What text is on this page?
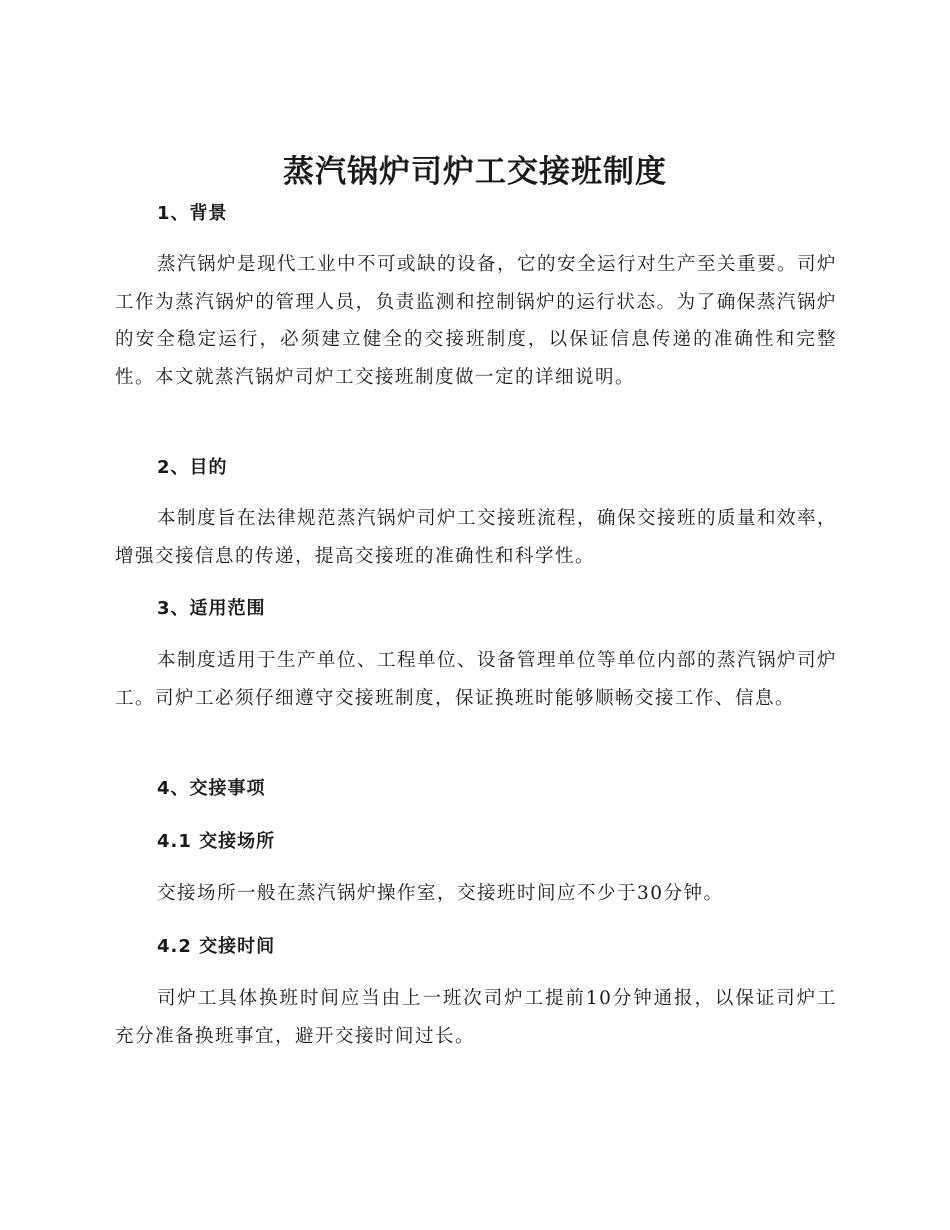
蒸汽锅炉司炉工交接班制度
1、背景

蒸汽锅炉是现代工业中不可或缺的设备，它的安全运行对生产至关重要。司炉工作为蒸汽锅炉的管理人员，负责监测和控制锅炉的运行状态。为了确保蒸汽锅炉的安全稳定运行，必须建立健全的交接班制度，以保证信息传递的准确性和完整性。本文就蒸汽锅炉司炉工交接班制度做一定的详细说明。

2、目的

本制度旨在法律规范蒸汽锅炉司炉工交接班流程，确保交接班的质量和效率，增强交接信息的传递，提高交接班的准确性和科学性。

3、适用范围

本制度适用于生产单位、工程单位、设备管理单位等单位内部的蒸汽锅炉司炉工。司炉工必须仔细遵守交接班制度，保证换班时能够顺畅交接工作、信息。

4、交接事项
4.1 交接场所

交接场所一般在蒸汽锅炉操作室，交接班时间应不少于30分钟。

4.2 交接时间

司炉工具体换班时间应当由上一班次司炉工提前10分钟通报，以保证司炉工充分准备换班事宜，避开交接时间过长。
